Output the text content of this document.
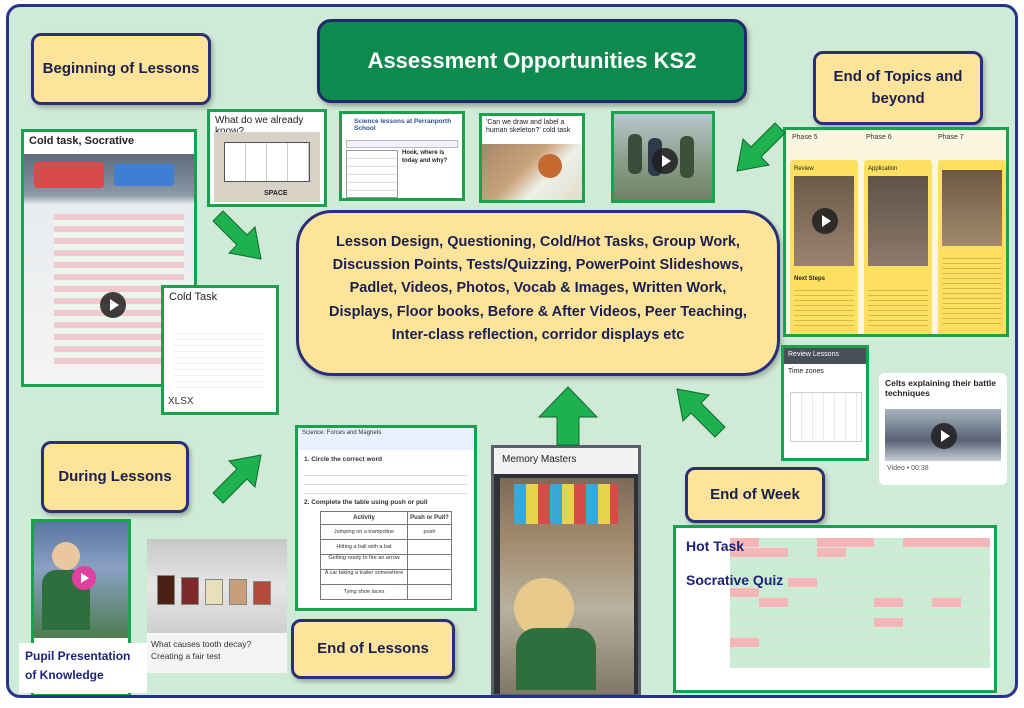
Assessment Opportunities KS2
Beginning of Lessons	End of Topics and beyond
During Lessons
End of Week
End of Lessons
Lesson Design, Questioning, Cold/Hot Tasks, Group Work, Discussion Points, Tests/Quizzing, PowerPoint Slideshows, Padlet, Videos, Photos, Vocab & Images, Written Work, Displays, Floor books, Before & After Videos, Peer Teaching, Inter-class reflection, corridor displays etc
Cold task, Socrative
Cold Task
XLSX
What do we already
SPACE
Science lessons at Perranporth School
Hook, where is today and why?
'Can we draw and label a human skeleton?' cold task
Phase 5	Phase 6	Phase 7
Review	Application
Next Steps
Review Lessons
Time zones
Celts explaining their battle techniques
Video • 00:38
Science: Forces and Magnets
1. Circle the correct word
2. Complete the table using push or pull
Activity	Push or Pull?
Jumping on a trampoline	push
Hitting a ball with a bat
Getting ready to fire an arrow
A car taking a trailer somewhere
Tying shoe laces
Memory Masters
Pupil Presentation of Knowledge
What causes tooth decay? Creating a fair test
Hot Task
Socrative Quiz
